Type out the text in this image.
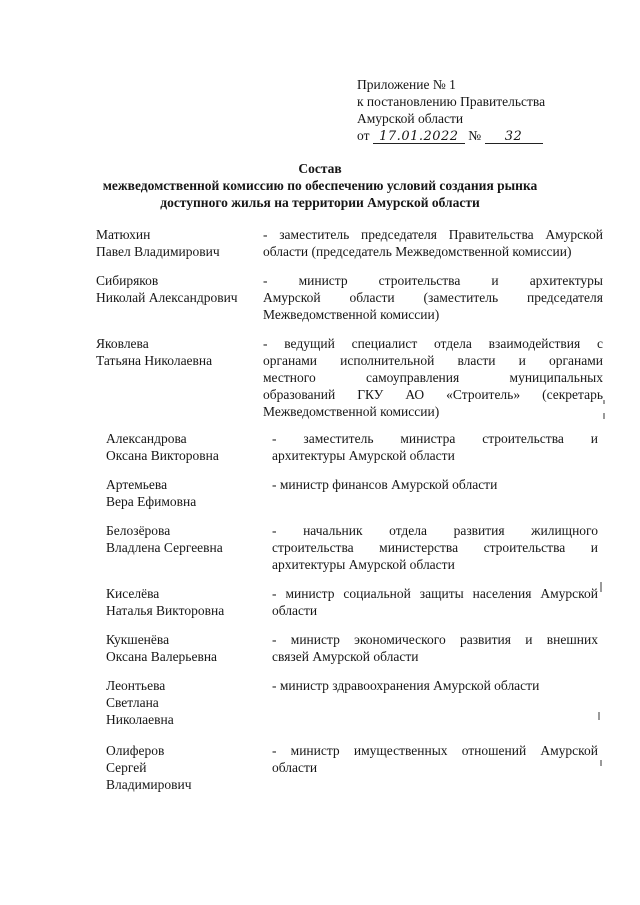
Приложение № 1
к постановлению Правительства
Амурской области
от 17.01.2022 № 32
Состав
межведомственной комиссию по обеспечению условий создания рынка
доступного жилья на территории Амурской области
Матюхин
Павел Владимирович
- заместитель председателя Правительства Амурской
области (председатель Межведомственной комиссии)
Сибиряков
Николай Александрович
- министр строительства и архитектуры
Амурской области (заместитель председателя
Межведомственной комиссии)
Яковлева
Татьяна Николаевна
- ведущий специалист отдела взаимодействия с
органами исполнительной власти и органами
местного самоуправления муниципальных
образований ГКУ АО «Строитель» (секретарь
Межведомственной комиссии)
Александрова
Оксана Викторовна
- заместитель министра строительства и
архитектуры Амурской области
Артемьева
Вера Ефимовна
- министр финансов Амурской области
Белозёрова
Владлена Сергеевна
- начальник отдела развития жилищного
строительства министерства строительства и
архитектуры Амурской области
Киселёва
Наталья Викторовна
- министр социальной защиты населения Амурской
области
Кукшенёва
Оксана Валерьевна
- министр экономического развития и внешних
связей Амурской области
Леонтьева
Светлана
Николаевна
- министр здравоохранения Амурской области
Олиферов
Сергей
Владимирович
- министр имущественных отношений Амурской
области
